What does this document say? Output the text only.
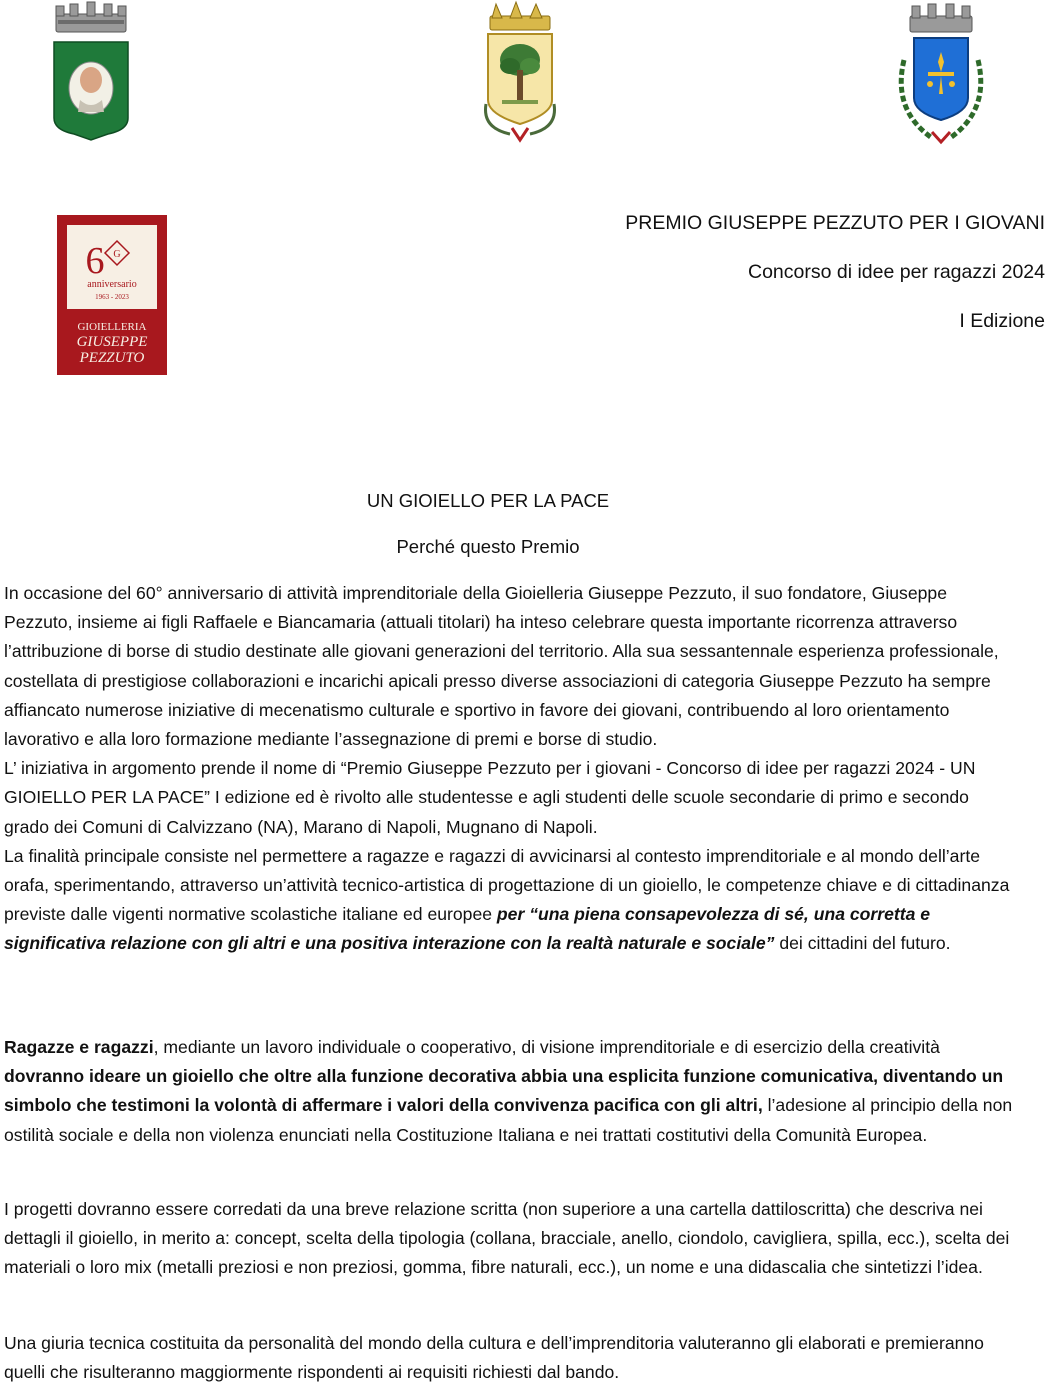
6 G
anniversario
1963 - 2023
GIOIELLERIA
GIUSEPPE
PEZZUTO
PREMIO GIUSEPPE PEZZUTO PER I GIOVANI
Concorso di idee per ragazzi 2024
I Edizione
UN GIOIELLO PER LA PACE
Perché questo Premio

In occasione del 60° anniversario di attività imprenditoriale della Gioielleria Giuseppe Pezzuto, il suo fondatore, Giuseppe Pezzuto, insieme ai figli Raffaele e Biancamaria (attuali titolari) ha inteso celebrare questa importante ricorrenza attraverso l’attribuzione di borse di studio destinate alle giovani generazioni del territorio. Alla sua sessantennale esperienza professionale, costellata di prestigiose collaborazioni e incarichi apicali presso diverse associazioni di categoria Giuseppe Pezzuto ha sempre affiancato numerose iniziative di mecenatismo culturale e sportivo in favore dei giovani, contribuendo al loro orientamento lavorativo e alla loro formazione mediante l’assegnazione di premi e borse di studio.

L’ iniziativa in argomento prende il nome di “Premio Giuseppe Pezzuto per i giovani - Concorso di idee per ragazzi 2024 - UN GIOIELLO PER LA PACE” I edizione ed è rivolto alle studentesse e agli studenti delle scuole secondarie di primo e secondo grado dei Comuni di Calvizzano (NA), Marano di Napoli, Mugnano di Napoli.

La finalità principale consiste nel permettere a ragazze e ragazzi di avvicinarsi al contesto imprenditoriale e al mondo dell’arte orafa, sperimentando, attraverso un’attività tecnico-artistica di progettazione di un gioiello, le competenze chiave e di cittadinanza previste dalle vigenti normative scolastiche italiane ed europee per “una piena consapevolezza di sé, una corretta e significativa relazione con gli altri e una positiva interazione con la realtà naturale e sociale” dei cittadini del futuro.

Ragazze e ragazzi, mediante un lavoro individuale o cooperativo, di visione imprenditoriale e di esercizio della creatività dovranno ideare un gioiello che oltre alla funzione decorativa abbia una esplicita funzione comunicativa, diventando un simbolo che testimoni la volontà di affermare i valori della convivenza pacifica con gli altri, l’adesione al principio della non ostilità sociale e della non violenza enunciati nella Costituzione Italiana e nei trattati costitutivi della Comunità Europea.

I progetti dovranno essere corredati da una breve relazione scritta (non superiore a una cartella dattiloscritta) che descriva nei dettagli il gioiello, in merito a: concept, scelta della tipologia (collana, bracciale, anello, ciondolo, cavigliera, spilla, ecc.), scelta dei materiali o loro mix (metalli preziosi e non preziosi, gomma, fibre naturali, ecc.), un nome e una didascalia che sintetizzi l’idea.

Una giuria tecnica costituita da personalità del mondo della cultura e dell’imprenditoria valuteranno gli elaborati e premieranno quelli che risulteranno maggiormente rispondenti ai requisiti richiesti dal bando.
